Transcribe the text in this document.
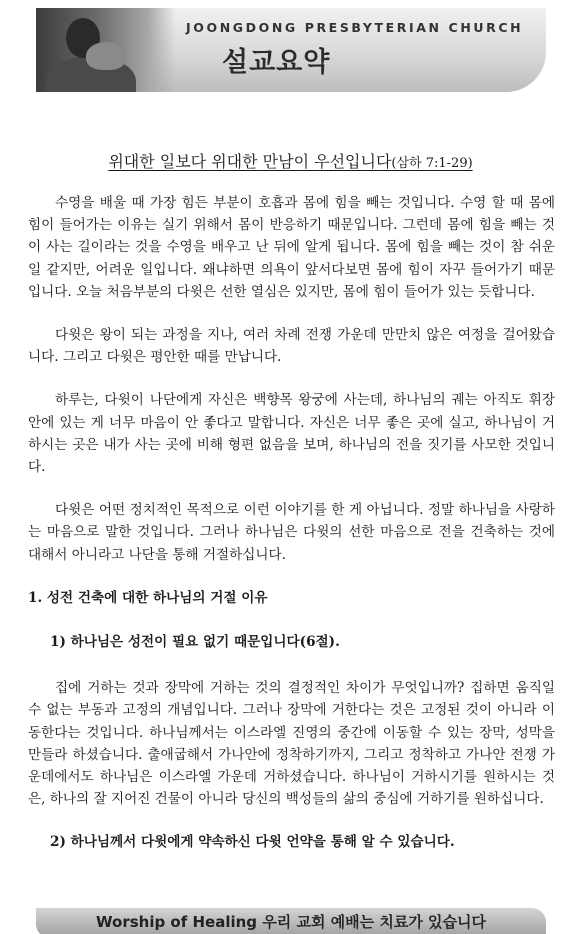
JOONGDONG PRESBYTERIAN CHURCH
설교요약
위대한 일보다 위대한 만남이 우선입니다(삼하 7:1-29)

수영을 배울 때 가장 힘든 부분이 호흡과 몸에 힘을 빼는 것입니다. 수영 할 때 몸에 힘이 들어가는 이유는 실기 위해서 몸이 반응하기 때문입니다. 그런데 몸에 힘을 빼는 것이 사는 길이라는 것을 수영을 배우고 난 뒤에 알게 됩니다. 몸에 힘을 빼는 것이 참 쉬운 일 같지만, 어려운 일입니다. 왜냐하면 의욕이 앞서다보면 몸에 힘이 자꾸 들어가기 때문입니다. 오늘 처음부분의 다윗은 선한 열심은 있지만, 몸에 힘이 들어가 있는 듯합니다.

다윗은 왕이 되는 과정을 지나, 여러 차례 전쟁 가운데 만만치 않은 여정을 걸어왔습니다. 그리고 다윗은 평안한 때를 만납니다.

하루는, 다윗이 나단에게 자신은 백향목 왕궁에 사는데, 하나님의 궤는 아직도 휘장 안에 있는 게 너무 마음이 안 좋다고 말합니다. 자신은 너무 좋은 곳에 실고, 하나님이 거하시는 곳은 내가 사는 곳에 비해 형편 없음을 보며, 하나님의 전을 짓기를 사모한 것입니다.

다윗은 어떤 정치적인 목적으로 이런 이야기를 한 게 아닙니다. 정말 하나님을 사랑하는 마음으로 말한 것입니다. 그러나 하나님은 다윗의 선한 마음으로 전을 건축하는 것에 대해서 아니라고 나단을 통해 거절하십니다.

1. 성전 건축에 대한 하나님의 거절 이유

1) 하나님은 성전이 필요 없기 때문입니다(6절).

집에 거하는 것과 장막에 거하는 것의 결정적인 차이가 무엇입니까? 집하면 움직일 수 없는 부동과 고정의 개념입니다. 그러나 장막에 거한다는 것은 고정된 것이 아니라 이동한다는 것입니다. 하나님께서는 이스라엘 진영의 중간에 이동할 수 있는 장막, 성막을 만들라 하셨습니다. 출애굽해서 가나안에 정착하기까지, 그리고 정착하고 가나안 전쟁 가운데에서도 하나님은 이스라엘 가운데 거하셨습니다. 하나님이 거하시기를 원하시는 것은, 하나의 잘 지어진 건물이 아니라 당신의 백성들의 삶의 중심에 거하기를 원하십니다.

2) 하나님께서 다윗에게 약속하신 다윗 언약을 통해 알 수 있습니다.

Worship of Healing 우리 교회 예배는 치료가 있습니다
